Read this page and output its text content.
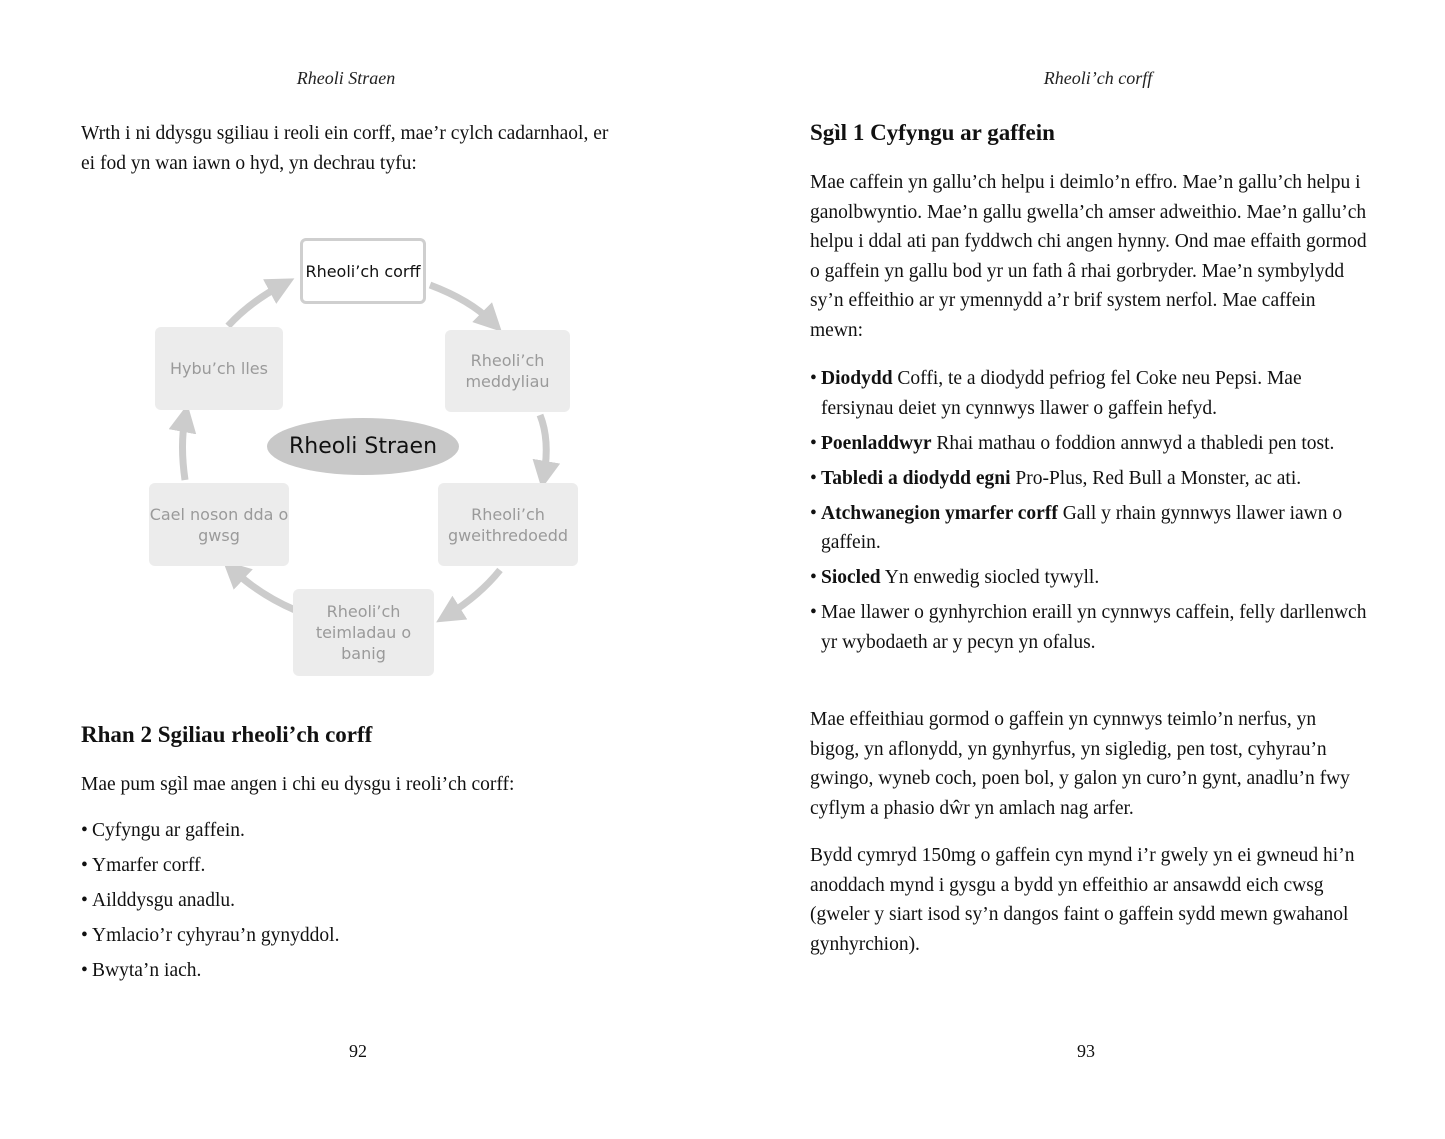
Rheoli Straen

Wrth i ni ddysgu sgiliau i reoli ein corff, mae’r cylch cadarnhaol, er ei fod yn wan iawn o hyd, yn dechrau tyfu:

Rheoli’ch corff
Rheoli’ch meddyliau
Rheoli’ch gweithredoedd
Rheoli’ch teimladau o banig
Cael noson dda o gwsg
Hybu’ch lles
Rheoli Straen
Rhan 2 Sgiliau rheoli’ch corff

Mae pum sgìl mae angen i chi eu dysgu i reoli’ch corff:

• Cyfyngu ar gaffein.
• Ymarfer corff.
• Ailddysgu anadlu.
• Ymlacio’r cyhyrau’n gynyddol.
• Bwyta’n iach.
92
Rheoli’ch corff
Sgìl 1 Cyfyngu ar gaffein

Mae caffein yn gallu’ch helpu i deimlo’n effro. Mae’n gallu’ch helpu i ganolbwyntio. Mae’n gallu gwella’ch amser adweithio. Mae’n gallu’ch helpu i ddal ati pan fyddwch chi angen hynny. Ond mae effaith gormod o gaffein yn gallu bod yr un fath â rhai gorbryder. Mae’n symbylydd sy’n effeithio ar yr ymennydd a’r brif system nerfol. Mae caffein mewn:

• Diodydd Coffi, te a diodydd pefriog fel Coke neu Pepsi. Mae fersiynau deiet yn cynnwys llawer o gaffein hefyd.
• Poenladdwyr Rhai mathau o foddion annwyd a thabledi pen tost.
• Tabledi a diodydd egni Pro-Plus, Red Bull a Monster, ac ati.
• Atchwanegion ymarfer corff Gall y rhain gynnwys llawer iawn o gaffein.
• Siocled Yn enwedig siocled tywyll.
• Mae llawer o gynhyrchion eraill yn cynnwys caffein, felly darllenwch yr wybodaeth ar y pecyn yn ofalus.

Mae effeithiau gormod o gaffein yn cynnwys teimlo’n nerfus, yn bigog, yn aflonydd, yn gynhyrfus, yn sigledig, pen tost, cyhyrau’n gwingo, wyneb coch, poen bol, y galon yn curo’n gynt, anadlu’n fwy cyflym a phasio dŵr yn amlach nag arfer.

Bydd cymryd 150mg o gaffein cyn mynd i’r gwely yn ei gwneud hi’n anoddach mynd i gysgu a bydd yn effeithio ar ansawdd eich cwsg (gweler y siart isod sy’n dangos faint o gaffein sydd mewn gwahanol gynhyrchion).

93
